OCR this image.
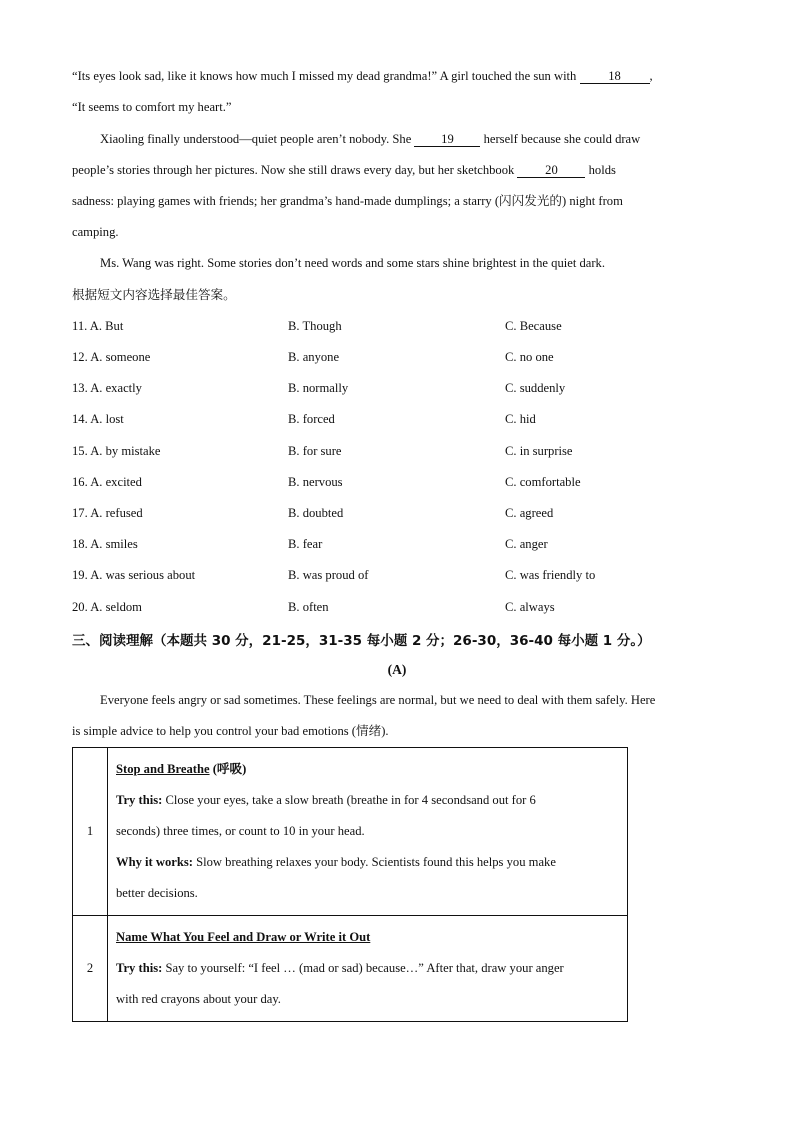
“Its eyes look sad, like it knows how much I missed my dead grandma!” A girl touched the sun with 18 ,
“It seems to comfort my heart.”
Xiaoling finally understood—quiet people aren’t nobody. She 19 herself because she could draw
people’s stories through her pictures. Now she still draws every day, but her sketchbook 20 holds
sadness: playing games with friends; her grandma’s hand-made dumplings; a starry (闪闪发光的) night from
camping.
Ms. Wang was right. Some stories don’t need words and some stars shine brightest in the quiet dark.
根据短文内容选择最佳答案。
11. A. But	B. Though	C. Because
12. A. someone	B. anyone	C. no one
13. A. exactly	B. normally	C. suddenly
14. A. lost	B. forced	C. hid
15. A. by mistake	B. for sure	C. in surprise
16. A. excited	B. nervous	C. comfortable
17. A. refused	B. doubted	C. agreed
18. A. smiles	B. fear	C. anger
19. A. was serious about	B. was proud of	C. was friendly to
20. A. seldom	B. often	C. always
三、阅读理解（本题共 30 分，21-25，31-35 每小题 2 分；26-30，36-40 每小题 1 分。）
(A)
Everyone feels angry or sad sometimes. These feelings are normal, but we need to deal with them safely. Here
is simple advice to help you control your bad emotions (情绪).
1	Stop and Breathe (呼吸)
Try this: Close your eyes, take a slow breath (breathe in for 4 secondsand out for 6
seconds) three times, or count to 10 in your head.
Why it works: Slow breathing relaxes your body. Scientists found this helps you make
better decisions.

2	Name What You Feel and Draw or Write it Out
Try this: Say to yourself: “I feel … (mad or sad) because…” After that, draw your anger
with red crayons about your day.
